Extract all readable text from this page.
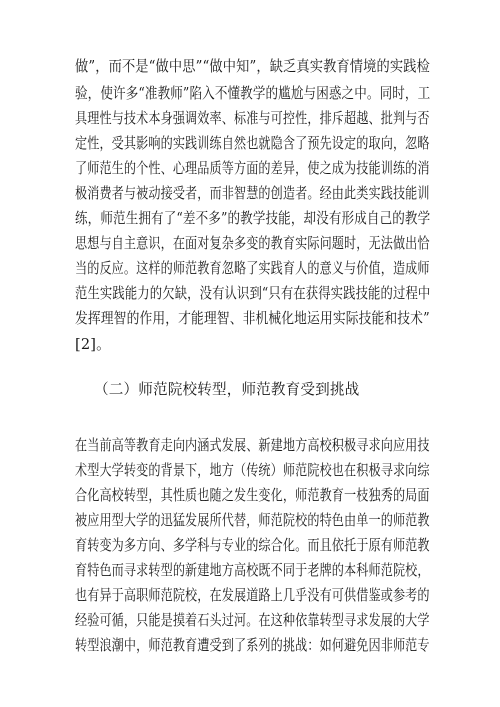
做”，而不是“做中思”“做中知”，缺乏真实教育情境的实践检
验，使许多“准教师”陷入不懂教学的尴尬与困惑之中。同时，工
具理性与技术本身强调效率、标准与可控性，排斥超越、批判与否
定性，受其影响的实践训练自然也就隐含了预先设定的取向，忽略
了师范生的个性、心理品质等方面的差异，使之成为技能训练的消
极消费者与被动接受者，而非智慧的创造者。经由此类实践技能训
练，师范生拥有了“差不多”的教学技能，却没有形成自己的教学
思想与自主意识，在面对复杂多变的教育实际问题时，无法做出恰
当的反应。这样的师范教育忽略了实践育人的意义与价值，造成师
范生实践能力的欠缺，没有认识到“只有在获得实践技能的过程中
发挥理智的作用，才能理智、非机械化地运用实际技能和技术”
[2]。
（二）师范院校转型，师范教育受到挑战
在当前高等教育走向内涵式发展、新建地方高校积极寻求向应用技
术型大学转变的背景下，地方（传统）师范院校也在积极寻求向综
合化高校转型，其性质也随之发生变化，师范教育一枝独秀的局面
被应用型大学的迅猛发展所代替，师范院校的特色由单一的师范教
育转变为多方向、多学科与专业的综合化。而且依托于原有师范教
育特色而寻求转型的新建地方高校既不同于老牌的本科师范院校，
也有异于高职师范院校，在发展道路上几乎没有可供借鉴或参考的
经验可循，只能是摸着石头过河。在这种依靠转型寻求发展的大学
转型浪潮中，师范教育遭受到了系列的挑战：如何避免因非师范专
